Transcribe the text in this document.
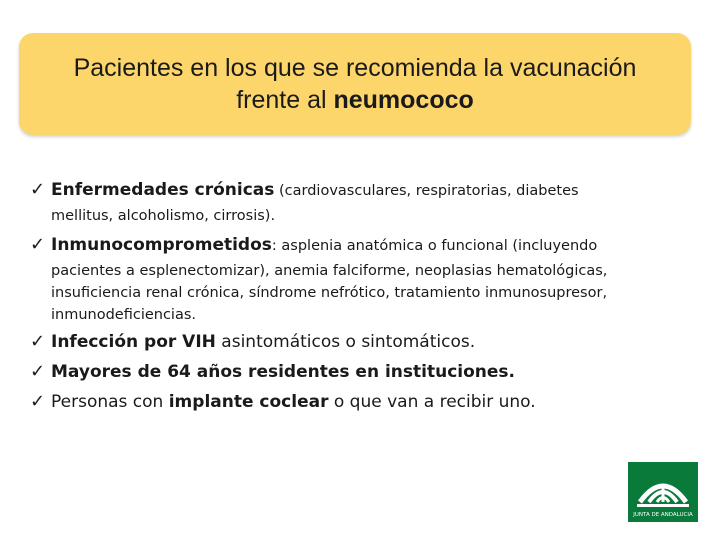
Pacientes en los que se recomienda la vacunación
frente al neumococo
✓ Enfermedades crónicas (cardiovasculares, respiratorias, diabetes
mellitus, alcoholismo, cirrosis).
✓ Inmunocomprometidos: asplenia anatómica o funcional (incluyendo
pacientes a esplenectomizar), anemia falciforme, neoplasias hematológicas,
insuficiencia renal crónica, síndrome nefrótico, tratamiento inmunosupresor,
inmunodeficiencias.
✓ Infección por VIH asintomáticos o sintomáticos.
✓ Mayores de 64 años residentes en instituciones.
✓ Personas con implante coclear o que van a recibir uno.
JUNTA DE ANDALUCIA
